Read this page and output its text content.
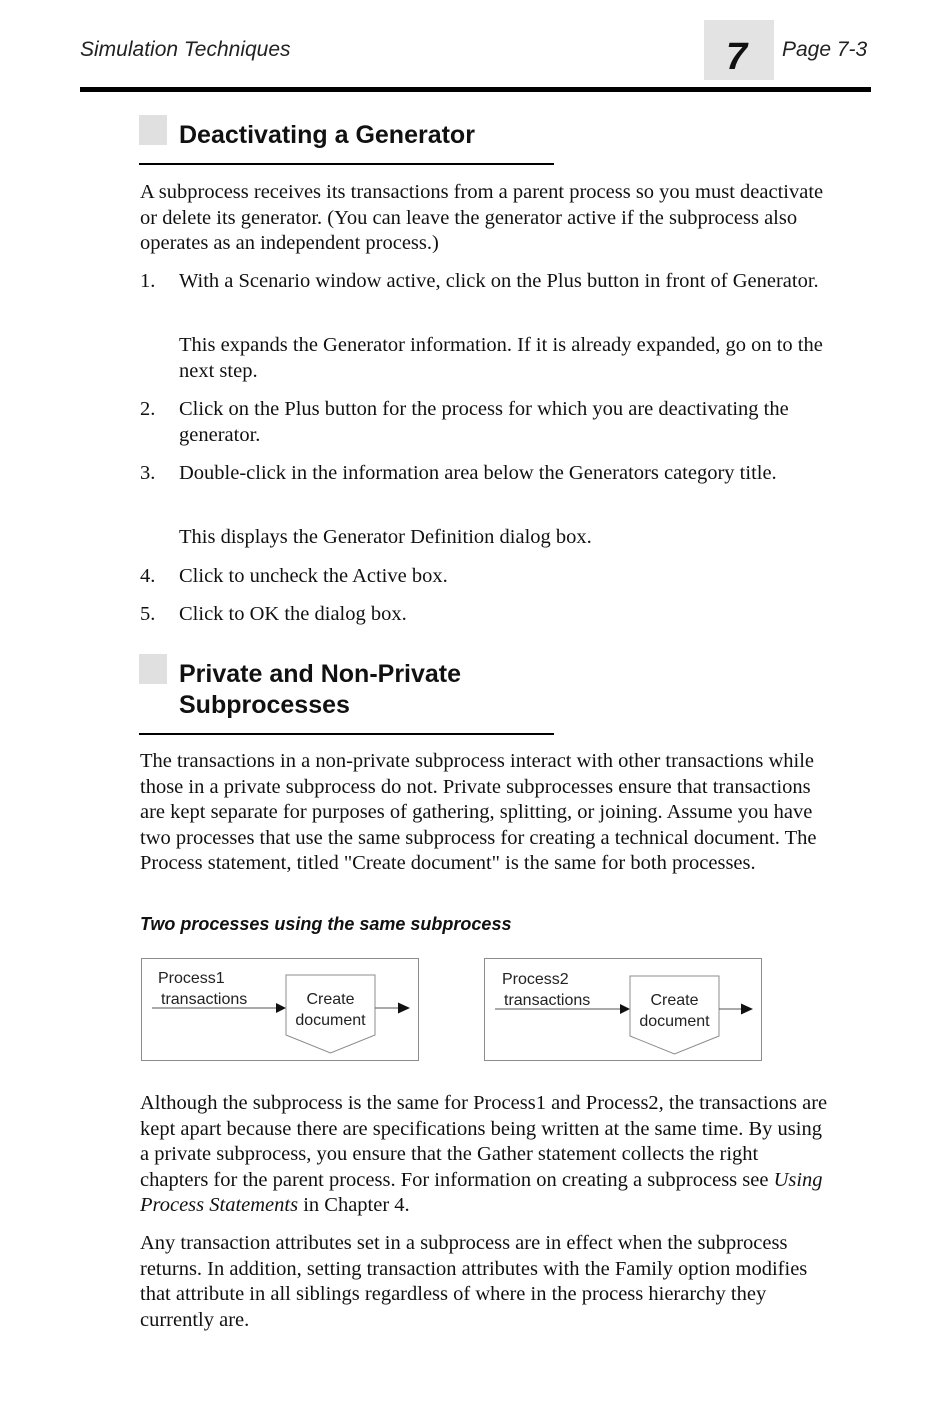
Simulation Techniques	7 Page 7-3
Deactivating a Generator

A subprocess receives its transactions from a parent process so you must deactivate or delete its generator. (You can leave the generator active if the subprocess also operates as an independent process.)

1. With a Scenario window active, click on the Plus button in front of Generator.

This expands the Generator information. If it is already expanded, go on to the next step.

2. Click on the Plus button for the process for which you are deactivating the generator.

3. Double-click in the information area below the Generators category title.

This displays the Generator Definition dialog box.

4. Click to uncheck the Active box.

5. Click to OK the dialog box.

Private and Non-Private
Subprocesses

The transactions in a non-private subprocess interact with other transactions while those in a private subprocess do not. Private subprocesses ensure that transactions are kept separate for purposes of gathering, splitting, or joining. Assume you have two processes that use the same subprocess for creating a technical document. The Process statement, titled "Create document" is the same for both processes.

Two processes using the same subprocess
Process1
transactions	Create
document
Process2
transactions	Create
document

Although the subprocess is the same for Process1 and Process2, the transactions are kept apart because there are specifications being written at the same time. By using a private subprocess, you ensure that the Gather statement collects the right chapters for the parent process. For information on creating a subprocess see Using Process Statements in Chapter 4.

Any transaction attributes set in a subprocess are in effect when the subprocess returns. In addition, setting transaction attributes with the Family option modifies that attribute in all siblings regardless of where in the process hierarchy they currently are.
